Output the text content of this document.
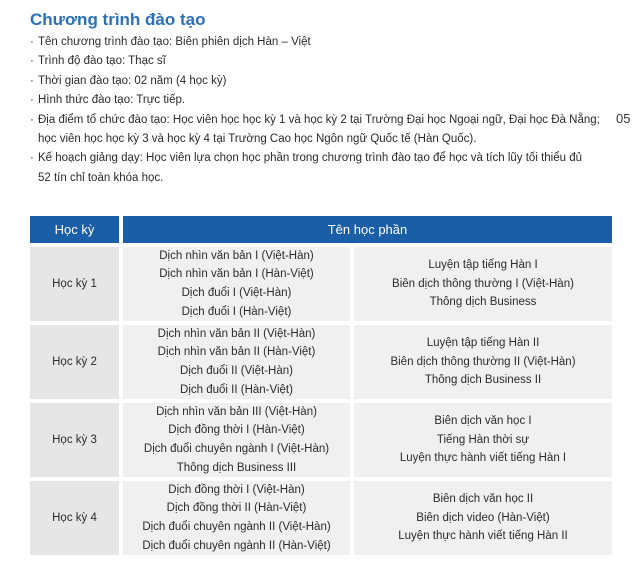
Chương trình đào tạo
· Tên chương trình đào tạo: Biên phiên dịch Hàn – Việt
· Trình độ đào tạo: Thạc sĩ
· Thời gian đào tạo: 02 năm (4 học kỳ)
· Hình thức đào tạo: Trực tiếp.
· Địa điểm tổ chức đào tạo: Học viên học học kỳ 1 và học kỳ 2 tại Trường Đại học Ngoại ngữ, Đại học Đà Nẵng;
học viên học học kỳ 3 và học kỳ 4 tại Trường Cao học Ngôn ngữ Quốc tế (Hàn Quốc).
· Kế hoạch giảng dạy: Học viên lựa chọn học phần trong chương trình đào tạo để học và tích lũy tối thiểu đủ
52 tín chỉ toàn khóa học.
05
Học kỳ	Tên học phần
Học kỳ 1
Dịch nhìn văn bản I (Việt-Hàn)
Dịch nhìn văn bản I (Hàn-Việt)
Dịch đuổi I (Việt-Hàn)
Dịch đuổi I (Hàn-Việt)
Luyện tập tiếng Hàn I
Biên dịch thông thường I (Việt-Hàn)
Thông dịch Business
Học kỳ 2
Dịch nhìn văn bản II (Việt-Hàn)
Dịch nhìn văn bản II (Hàn-Việt)
Dịch đuổi II (Việt-Hàn)
Dịch đuổi II (Hàn-Việt)
Luyện tập tiếng Hàn II
Biên dịch thông thường II (Việt-Hàn)
Thông dịch Business II
Học kỳ 3
Dịch nhìn văn bản III (Việt-Hàn)
Dịch đồng thời I (Hàn-Việt)
Dịch đuổi chuyên ngành I (Việt-Hàn)
Thông dịch Business III
Biên dịch văn học I
Tiếng Hàn thời sự
Luyện thực hành viết tiếng Hàn I
Học kỳ 4
Dịch đồng thời I (Việt-Hàn)
Dịch đồng thời II (Hàn-Việt)
Dịch đuổi chuyên ngành II (Việt-Hàn)
Dịch đuổi chuyên ngành II (Hàn-Việt)
Biên dịch văn học II
Biên dịch video (Hàn-Việt)
Luyện thực hành viết tiếng Hàn II
